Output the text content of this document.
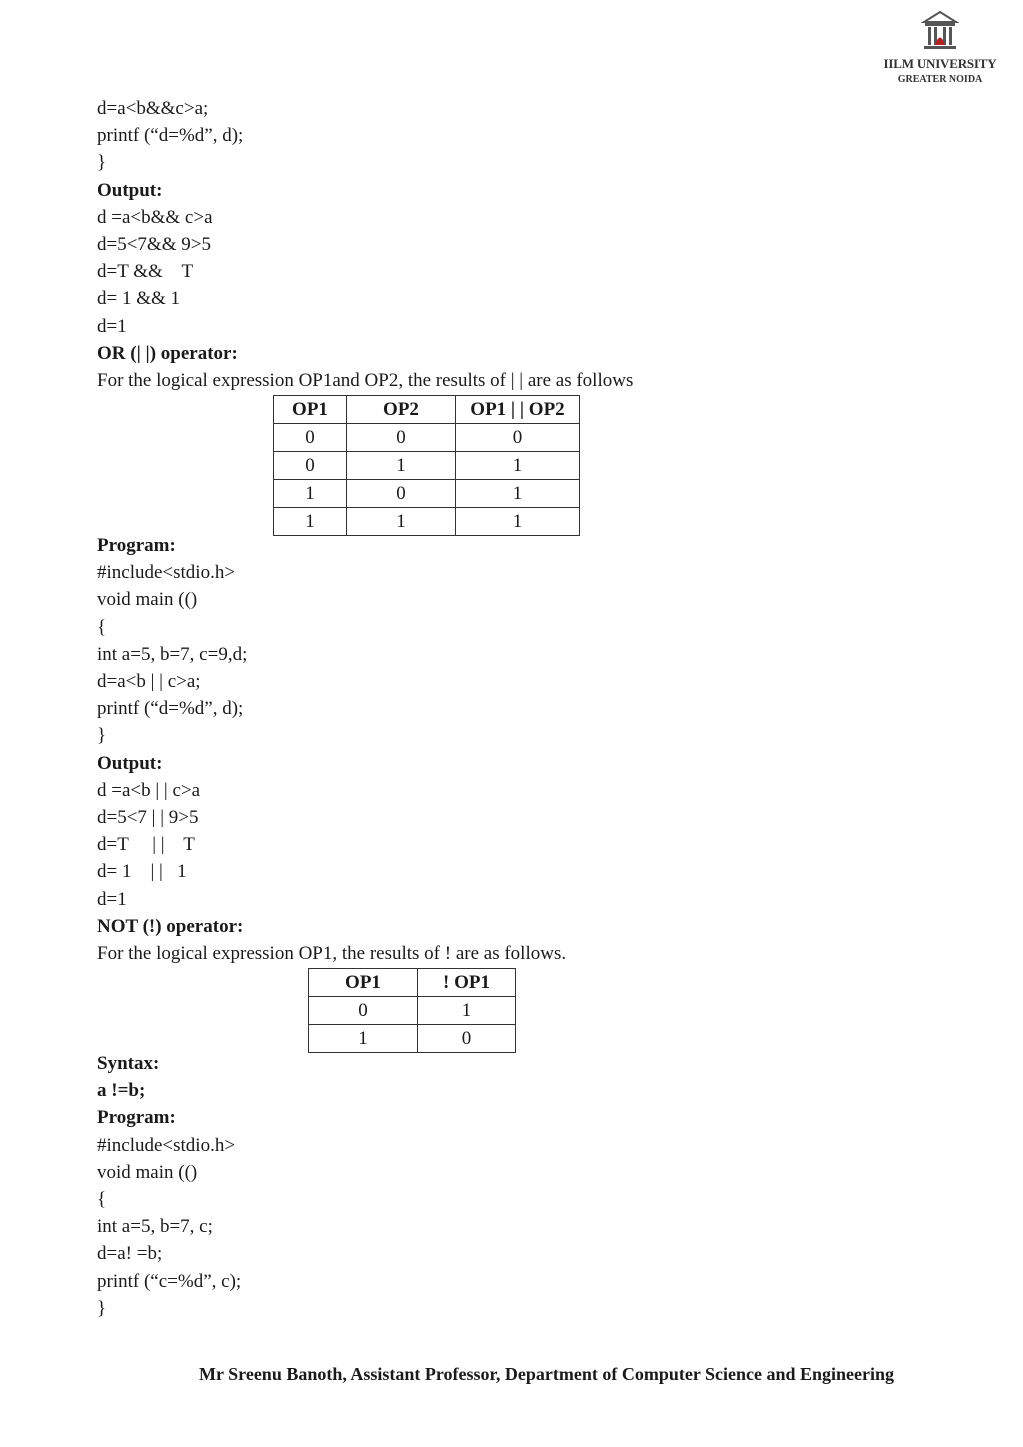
IILM UNIVERSITY
GREATER NOIDA
d=a<b&&c>a;
printf (“d=%d”, d);
}
Output:
d =a<b&& c>a
d=5<7&& 9>5
d=T &&    T
d= 1 && 1
d=1
OR (| |) operator:
For the logical expression OP1and OP2, the results of | | are as follows
OP1	OP2	OP1 | | OP2
0	0	0
0	1	1
1	0	1
1	1	1
Program:
#include<stdio.h>
void main (()
{
int a=5, b=7, c=9,d;
d=a<b | | c>a;
printf (“d=%d”, d);
}
Output:
d =a<b | | c>a
d=5<7 | | 9>5
d=T     | |    T
d= 1    | |   1
d=1
NOT (!) operator:
For the logical expression OP1, the results of ! are as follows.
OP1	! OP1
0	1
1	0
Syntax:
a !=b;
Program:
#include<stdio.h>
void main (()
{
int a=5, b=7, c;
d=a! =b;
printf (“c=%d”, c);
}
Mr Sreenu Banoth, Assistant Professor, Department of Computer Science and Engineering
